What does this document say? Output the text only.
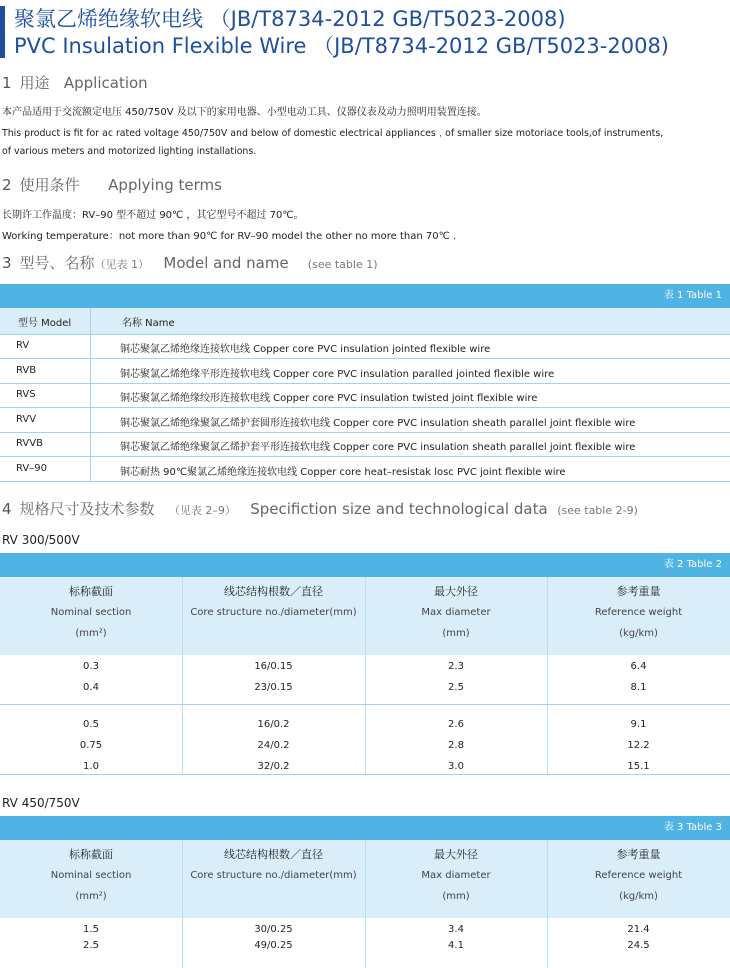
聚氯乙烯绝缘软电线 （JB/T8734-2012 GB/T5023-2008)
PVC Insulation Flexible Wire （JB/T8734-2012 GB/T5023-2008)
1 用途 Application
本产品适用于交流额定电压 450/750V 及以下的家用电器、小型电动工具、仪器仪表及动力照明用装置连接。
This product is fit for ac rated voltage 450/750V and below of domestic electrical appliances﹐of smaller size motoriace tools,of instruments,
of various meters and motorized lighting installations.
2 使用条件 Applying terms
长期许工作温度：RV–90 型不超过 90℃ ，其它型号不超过 70℃。
Working temperature：not more than 90℃ for RV–90 model the other no more than 70℃ .
3 型号、名称（见表 1） Model and name (see table 1)
表 1 Table 1
型号 Model	名称 Name
RV	铜芯聚氯乙烯绝缘连接软电线 Copper core PVC insulation jointed flexible wire
RVB	铜芯聚氯乙烯绝缘平形连接软电线 Copper core PVC insulation paralled jointed flexible wire
RVS	铜芯聚氯乙烯绝缘绞形连接软电线 Copper core PVC insulation twisted joint flexible wire
RVV	铜芯聚氯乙烯绝缘聚氯乙烯护套圆形连接软电线 Copper core PVC insulation sheath parallel joint flexible wire
RVVB	铜芯聚氯乙烯绝缘聚氯乙烯护套平形连接软电线 Copper core PVC insulation sheath parallel joint flexible wire
RV–90	铜芯耐热 90℃聚氯乙烯绝缘连接软电线 Copper core heat–resistak losc PVC joint flexible wire
4 规格尺寸及技术参数 （见表 2–9） Specifiction size and technological data (see table 2-9)
RV 300/500V
表 2 Table 2
标称截面
Nominal section
(mm²)
线芯结构根数／直径
Core structure no./diameter(mm)
最大外径
Max diameter
(mm)
参考重量
Reference weight
(kg/km)
0.3	16/0.15	2.3	6.4
0.4	23/0.15	2.5	8.1
0.5	16/0.2	2.6	9.1
0.75	24/0.2	2.8	12.2
1.0	32/0.2	3.0	15.1
RV 450/750V
表 3 Table 3
标称截面
Nominal section
(mm²)
线芯结构根数／直径
Core structure no./diameter(mm)
最大外径
Max diameter
(mm)
参考重量
Reference weight
(kg/km)
1.5	30/0.25	3.4	21.4
2.5	49/0.25	4.1	24.5
